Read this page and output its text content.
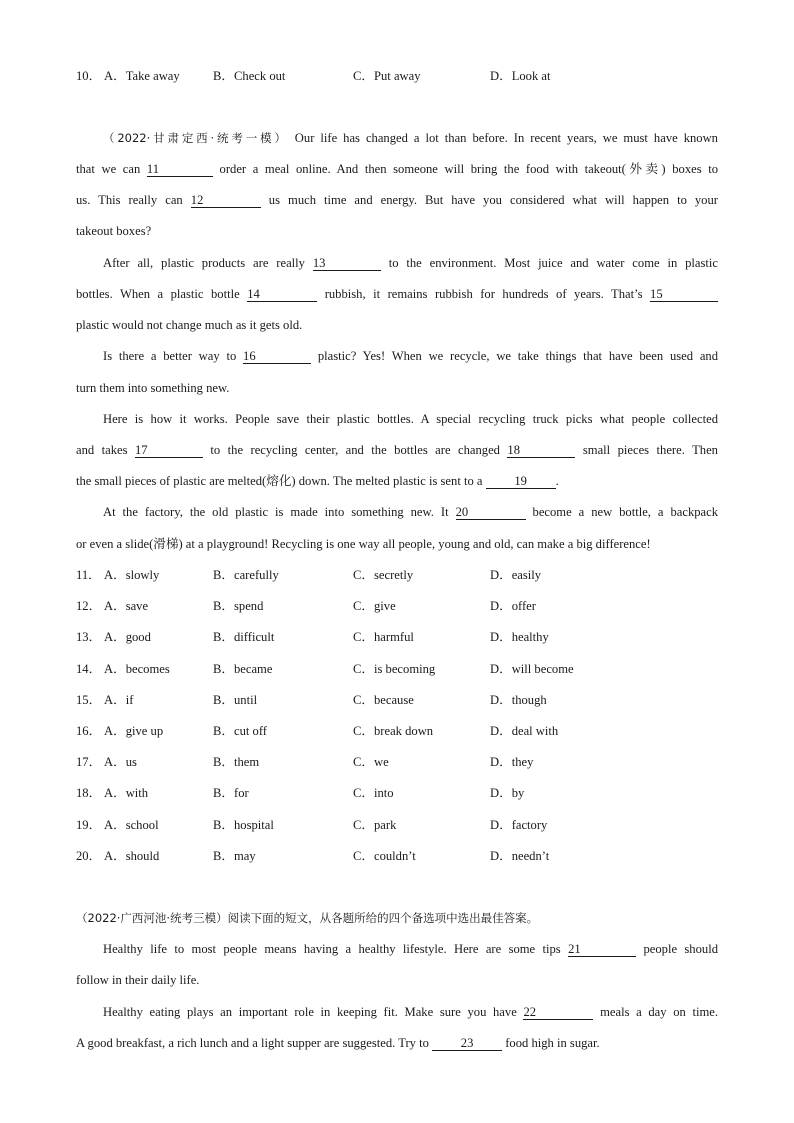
10． A．Take away	B．Check out	C．Put away	D．Look at
（2022·甘肃定西·统考一模） Our life has changed a lot than before. In recent years, we must have known
that we can 11	order a meal online. And then someone will bring the food with takeout(外卖) boxes to
us. This really can 12	us much time and energy. But have you considered what will happen to your
takeout boxes?
After all, plastic products are really 13	to the environment. Most juice and water come in plastic
bottles. When a plastic bottle 14	rubbish, it remains rubbish for hundreds of years. That’s 15
plastic would not change much as it gets old.
Is there a better way to 16	plastic? Yes! When we recycle, we take things that have been used and
turn them into something new.
Here is how it works. People save their plastic bottles. A special recycling truck picks what people collected
and takes 17	to the recycling center, and the bottles are changed 18	small pieces there. Then
the small pieces of plastic are melted(熔化) down. The melted plastic is sent to a	19 .
At the factory, the old plastic is made into something new. It 20	become a new bottle, a backpack
or even a slide(滑梯) at a playground! Recycling is one way all people, young and old, can make a big difference!
11． A．slowly	B．carefully	C．secretly	D．easily
12． A．save	B．spend	C．give	D．offer
13． A．good	B．difficult	C．harmful	D．healthy
14． A．becomes	B．became	C．is becoming	D．will become
15． A．if	B．until	C．because	D．though
16． A．give up	B．cut off	C．break down	D．deal with
17． A．us	B．them	C．we	D．they
18． A．with	B．for	C．into	D．by
19． A．school	B．hospital	C．park	D．factory
20． A．should	B．may	C．couldn’t	D．needn’t
（2022·广西河池·统考三模）阅读下面的短文，从各题所给的四个备选项中选出最佳答案。
Healthy life to most people means having a healthy lifestyle. Here are some tips 21	people should
follow in their daily life.
Healthy eating plays an important role in keeping fit. Make sure you have 22	meals a day on time.
A good breakfast, a rich lunch and a light supper are suggested. Try to	23	food high in sugar.
